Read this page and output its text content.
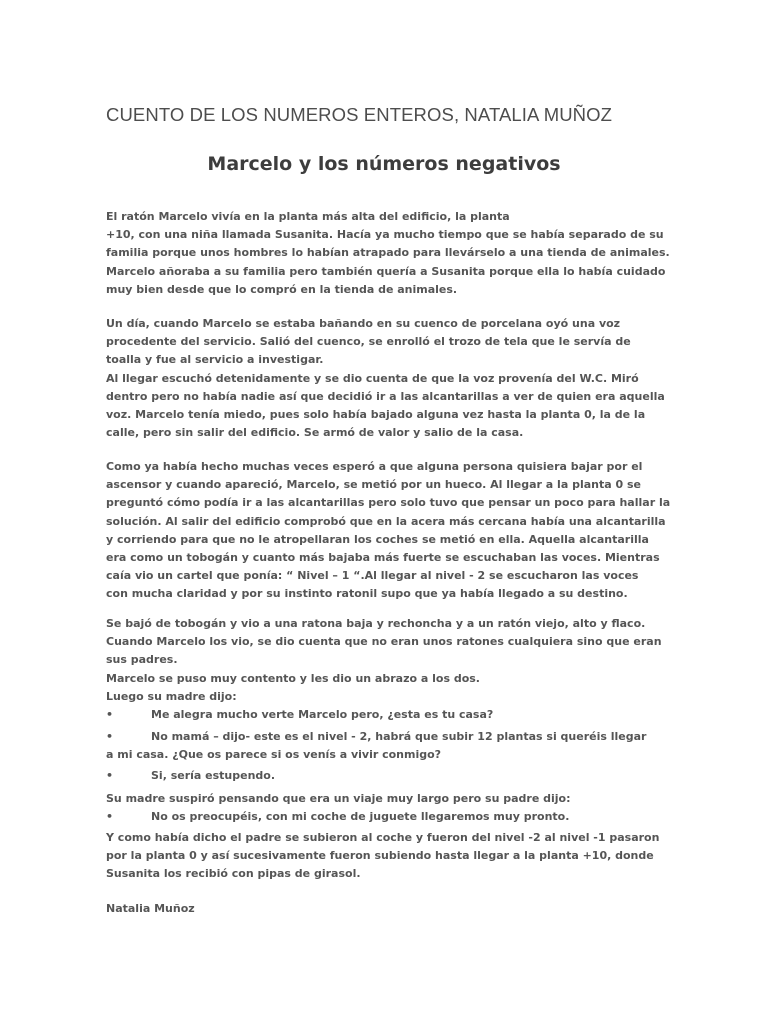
CUENTO DE LOS NUMEROS ENTEROS, NATALIA MUÑOZ
Marcelo y los números negativos
El ratón Marcelo vivía en la planta más alta del edificio, la planta
+10, con una niña llamada Susanita. Hacía ya mucho tiempo que se había separado de su
familia porque unos hombres lo habían atrapado para llevárselo a una tienda de animales.
Marcelo añoraba a su familia pero también quería a Susanita porque ella lo había cuidado
muy bien desde que lo compró en la tienda de animales.
Un día, cuando Marcelo se estaba bañando en su cuenco de porcelana oyó una voz
procedente del servicio. Salió del cuenco, se enrolló el trozo de tela que le servía de
toalla y fue al servicio a investigar.
Al llegar escuchó detenidamente y se dio cuenta de que la voz provenía del W.C. Miró
dentro pero no había nadie así que decidió ir a las alcantarillas a ver de quien era aquella
voz. Marcelo tenía miedo, pues solo había bajado alguna vez hasta la planta 0, la de la
calle, pero sin salir del edificio. Se armó de valor y salio de la casa.
Como ya había hecho muchas veces esperó a que alguna persona quisiera bajar por el
ascensor y cuando apareció, Marcelo, se metió por un hueco. Al llegar a la planta 0 se
preguntó cómo podía ir a las alcantarillas pero solo tuvo que pensar un poco para hallar la
solución. Al salir del edificio comprobó que en la acera más cercana había una alcantarilla
y corriendo para que no le atropellaran los coches se metió en ella. Aquella alcantarilla
era como un tobogán y cuanto más bajaba más fuerte se escuchaban las voces. Mientras
caía vio un cartel que ponía: “ Nivel – 1 “.Al llegar al nivel - 2 se escucharon las voces
con mucha claridad y por su instinto ratonil supo que ya había llegado a su destino.
Se bajó de tobogán y vio a una ratona baja y rechoncha y a un ratón viejo, alto y flaco.
Cuando Marcelo los vio, se dio cuenta que no eran unos ratones cualquiera sino que eran
sus padres.
Marcelo se puso muy contento y les dio un abrazo a los dos.
Luego su madre dijo:
•	Me alegra mucho verte Marcelo pero, ¿esta es tu casa?
•	No mamá – dijo- este es el nivel - 2, habrá que subir 12 plantas si queréis llegar
a mi casa. ¿Que os parece si os venís a vivir conmigo?
•	Si, sería estupendo.
Su madre suspiró pensando que era un viaje muy largo pero su padre dijo:
•	No os preocupéis, con mi coche de juguete llegaremos muy pronto.
Y como había dicho el padre se subieron al coche y fueron del nivel -2 al nivel -1 pasaron
por la planta 0 y así sucesivamente fueron subiendo hasta llegar a la planta +10, donde
Susanita los recibió con pipas de girasol.
Natalia Muñoz
